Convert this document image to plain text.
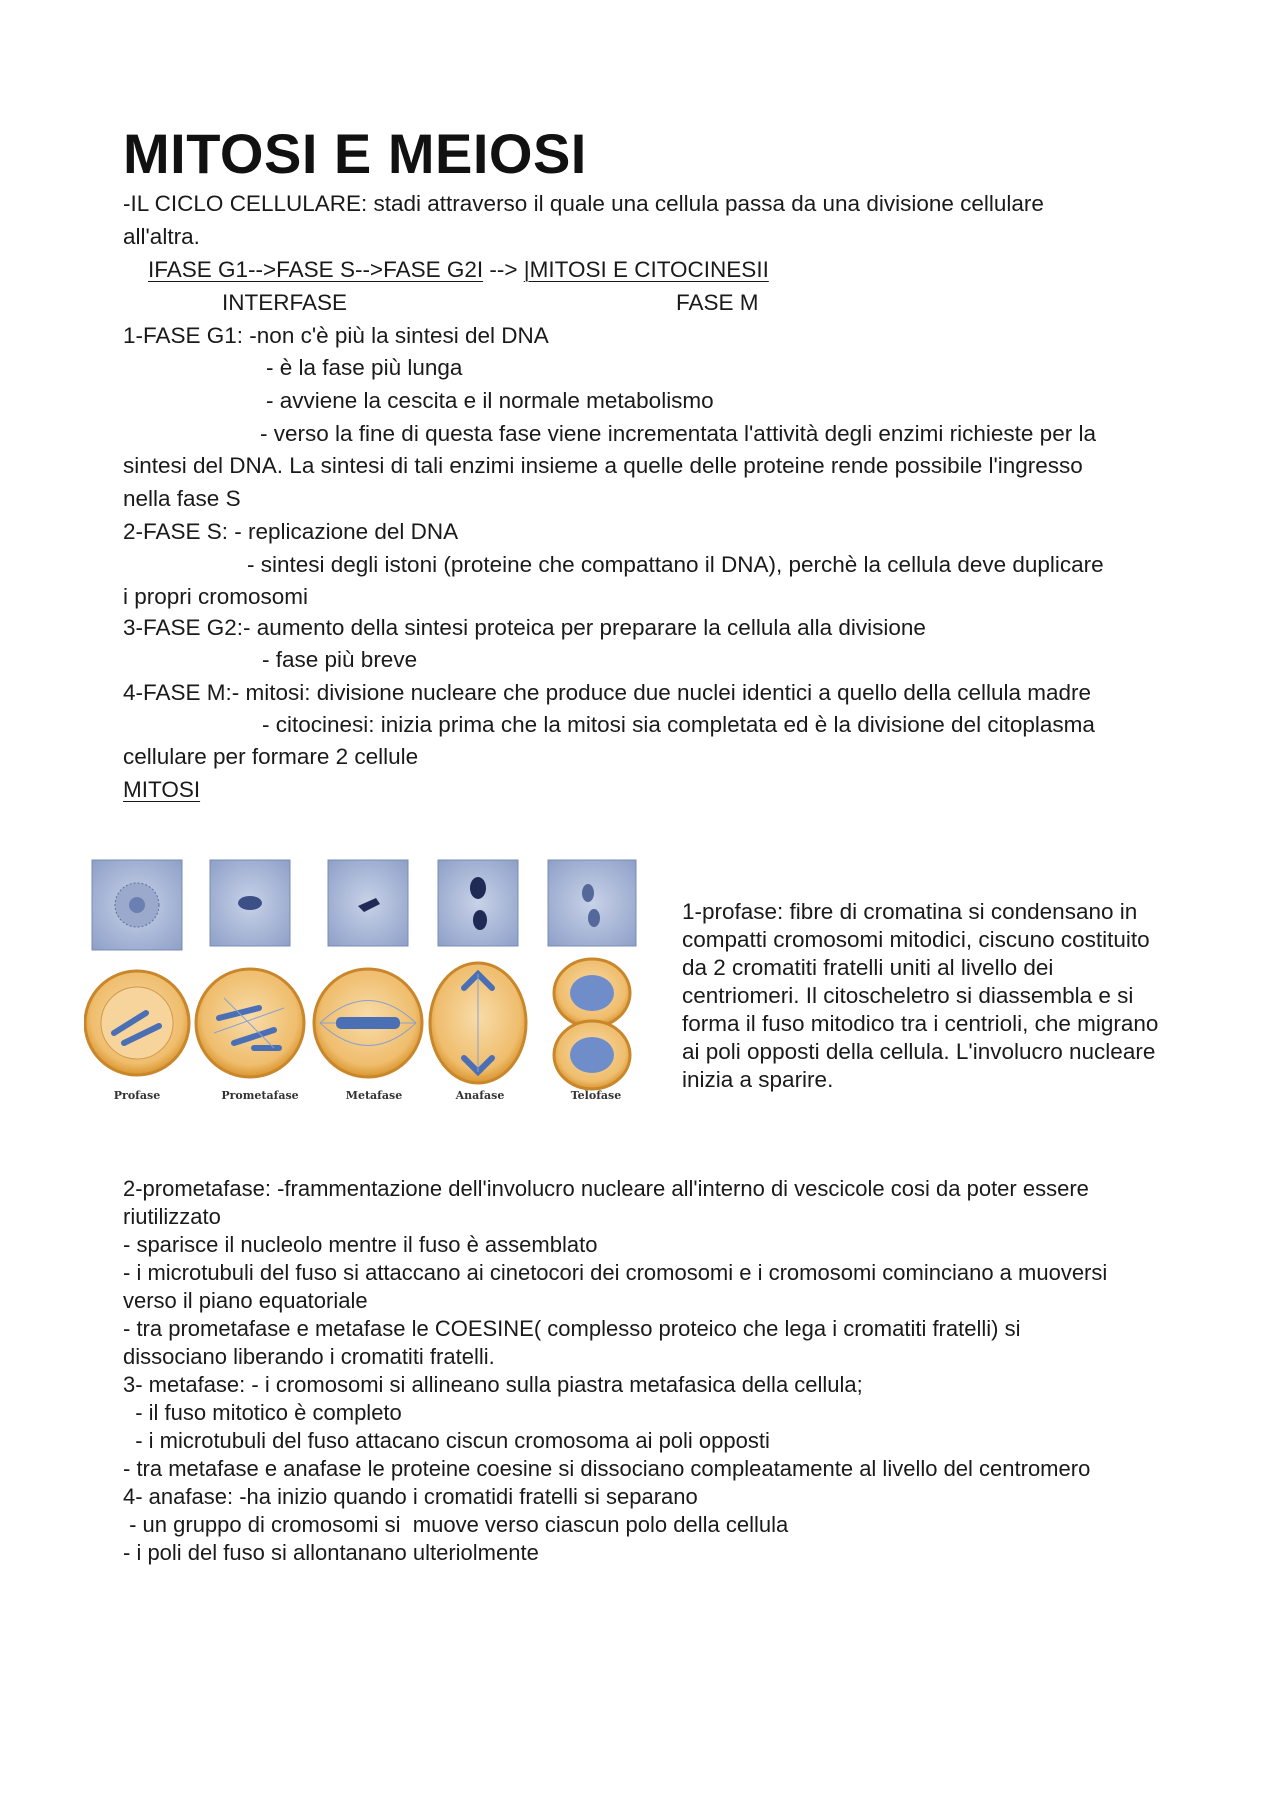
MITOSI E MEIOSI

-IL CICLO CELLULARE: stadi attraverso il quale una cellula passa da una divisione cellulare

all'altra.

IFASE G1-->FASE S-->FASE G2I --> |MITOSI E CITOCINESII

INTERFASE	FASE M

1-FASE G1: -non c'è più la sintesi del DNA

- è la fase più lunga

- avviene la cescita e il normale metabolismo

- verso la fine di questa fase viene incrementata l'attività degli enzimi richieste per la

sintesi del DNA. La sintesi di tali enzimi insieme a quelle delle proteine rende possibile l'ingresso

nella fase S

2-FASE S: - replicazione del DNA

- sintesi degli istoni (proteine che compattano il DNA), perchè la cellula deve duplicare

i propri cromosomi

3-FASE G2:- aumento della sintesi proteica per preparare la cellula alla divisione

- fase più breve

4-FASE M:- mitosi: divisione nucleare che produce due nuclei identici a quello della cellula madre

- citocinesi: inizia prima che la mitosi sia completata ed è la divisione del citoplasma

cellulare per formare 2 cellule

MITOSI

Profase	Prometafase	Metafase	Anafase	Telofase

1-profase: fibre di cromatina si condensano in compatti cromosomi mitodici, ciscuno costituito da 2 cromatiti fratelli uniti al livello dei centriomeri. Il citoscheletro si diassembla e si forma il fuso mitodico tra i centrioli, che migrano ai poli opposti della cellula. L'involucro nucleare inizia a sparire.

2-prometafase: -frammentazione dell'involucro nucleare all'interno di vescicole cosi da poter essere riutilizzato

- sparisce il nucleolo mentre il fuso è assemblato

- i microtubuli del fuso si attaccano ai cinetocori dei cromosomi e i cromosomi cominciano a muoversi verso il piano equatoriale

- tra prometafase e metafase le COESINE( complesso proteico che lega i cromatiti fratelli) si dissociano liberando i cromatiti fratelli.

3- metafase: - i cromosomi si allineano sulla piastra metafasica della cellula;

- il fuso mitotico è completo

- i microtubuli del fuso attacano ciscun cromosoma ai poli opposti

- tra metafase e anafase le proteine coesine si dissociano compleatamente al livello del centromero

4- anafase: -ha inizio quando i cromatidi fratelli si separano

- un gruppo di cromosomi si  muove verso ciascun polo della cellula

- i poli del fuso si allontanano ulteriolmente
